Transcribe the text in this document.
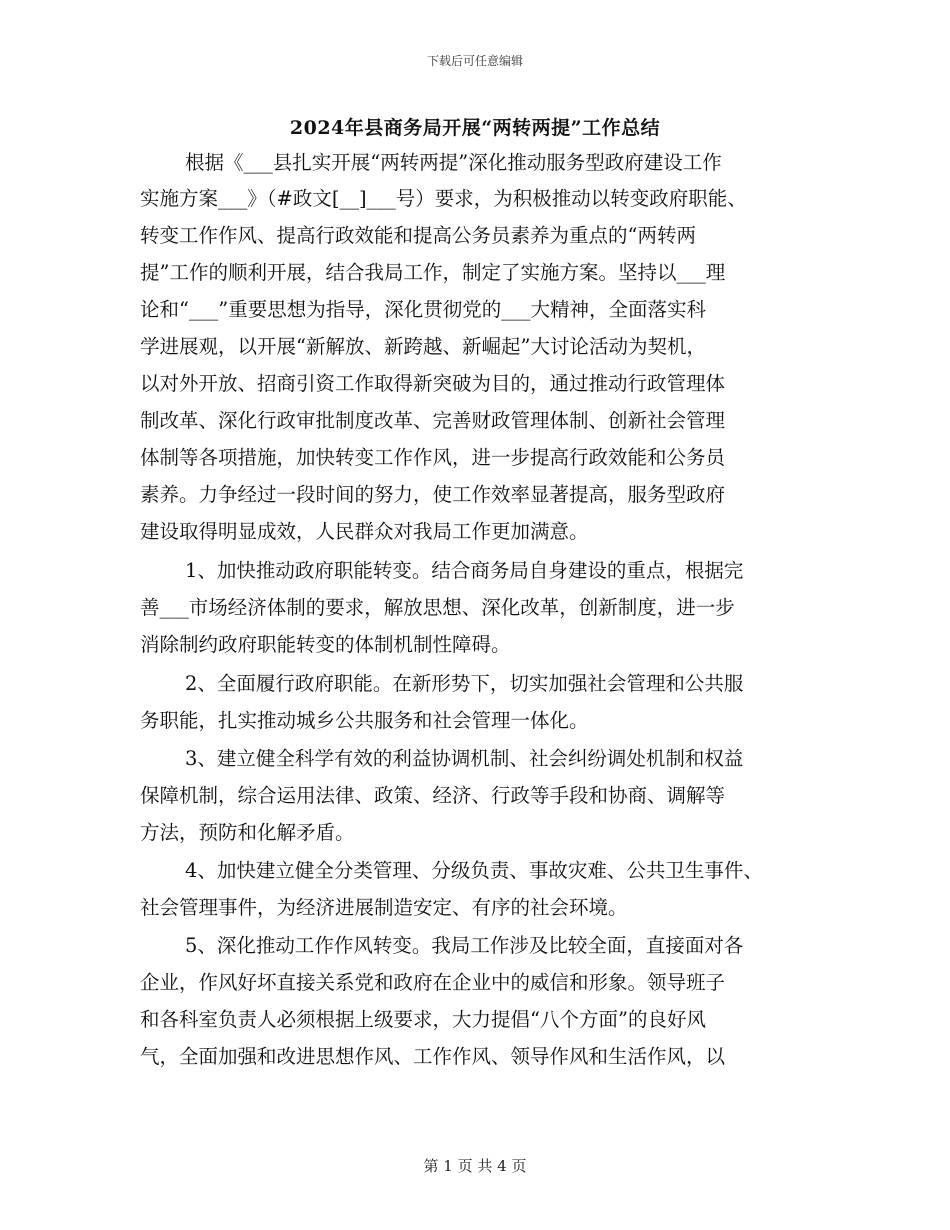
下载后可任意编辑
2024年县商务局开展“两转两提”工作总结
根据《___县扎实开展“两转两提”深化推动服务型政府建设工作
实施方案___》（#政文[__]___号）要求，为积极推动以转变政府职能、
转变工作作风、提高行政效能和提高公务员素养为重点的“两转两
提”工作的顺利开展，结合我局工作，制定了实施方案。坚持以___理
论和“___”重要思想为指导，深化贯彻党的___大精神，全面落实科
学进展观，以开展“新解放、新跨越、新崛起”大讨论活动为契机，
以对外开放、招商引资工作取得新突破为目的，通过推动行政管理体
制改革、深化行政审批制度改革、完善财政管理体制、创新社会管理
体制等各项措施，加快转变工作作风，进一步提高行政效能和公务员
素养。力争经过一段时间的努力，使工作效率显著提高，服务型政府
建设取得明显成效，人民群众对我局工作更加满意。
1、加快推动政府职能转变。结合商务局自身建设的重点，根据完
善___市场经济体制的要求，解放思想、深化改革，创新制度，进一步
消除制约政府职能转变的体制机制性障碍。
2、全面履行政府职能。在新形势下，切实加强社会管理和公共服
务职能，扎实推动城乡公共服务和社会管理一体化。
3、建立健全科学有效的利益协调机制、社会纠纷调处机制和权益
保障机制，综合运用法律、政策、经济、行政等手段和协商、调解等
方法，预防和化解矛盾。
4、加快建立健全分类管理、分级负责、事故灾难、公共卫生事件、
社会管理事件，为经济进展制造安定、有序的社会环境。
5、深化推动工作作风转变。我局工作涉及比较全面，直接面对各
企业，作风好坏直接关系党和政府在企业中的威信和形象。领导班子
和各科室负责人必须根据上级要求，大力提倡“八个方面”的良好风
气，全面加强和改进思想作风、工作作风、领导作风和生活作风，以
第 1 页 共 4 页
